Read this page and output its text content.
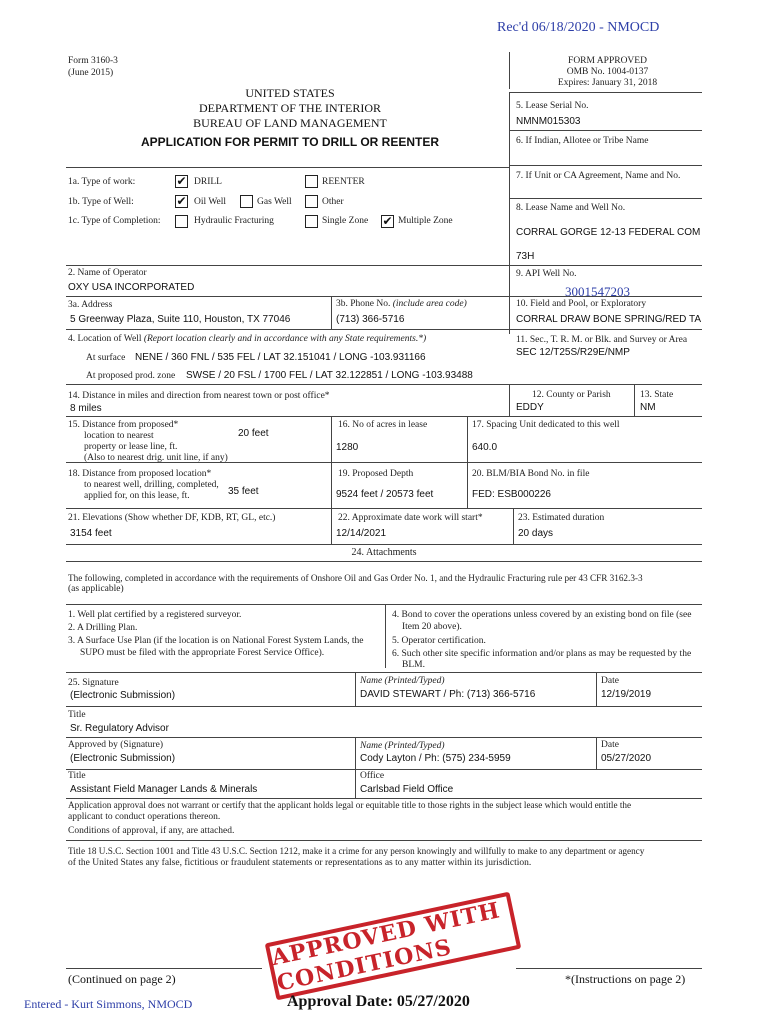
Rec'd 06/18/2020 - NMOCD
Form 3160-3
(June 2015)
FORM APPROVED
OMB No. 1004-0137
Expires: January 31, 2018
UNITED STATES
DEPARTMENT OF THE INTERIOR
BUREAU OF LAND MANAGEMENT
APPLICATION FOR PERMIT TO DRILL OR REENTER
5. Lease Serial No.
NMNM015303
6. If Indian, Allotee or Tribe Name
7. If Unit or CA Agreement, Name and No.
8. Lease Name and Well No.
CORRAL GORGE 12-13 FEDERAL COM
73H
9. API Well No.
3001547203
10. Field and Pool, or Exploratory
CORRAL DRAW BONE SPRING/RED TA
11. Sec., T. R. M. or Blk. and Survey or Area
SEC 12/T25S/R29E/NMP
1a. Type of work:	✔ DRILL	REENTER
1b. Type of Well:	✔ Oil Well	Gas Well	Other
1c. Type of Completion:	Hydraulic Fracturing	Single Zone ✔ Multiple Zone
2. Name of Operator
OXY USA INCORPORATED
3a. Address
5 Greenway Plaza, Suite 110, Houston, TX 77046
3b. Phone No. (include area code)
(713) 366-5716
4. Location of Well (Report location clearly and in accordance with any State requirements.*)
At surface NENE / 360 FNL / 535 FEL / LAT 32.151041 / LONG -103.931166
At proposed prod. zone SWSE / 20 FSL / 1700 FEL / LAT 32.122851 / LONG -103.93488
14. Distance in miles and direction from nearest town or post office*
8 miles
12. County or Parish
EDDY
13. State
NM
15. Distance from proposed*
location to nearest
property or lease line, ft.
(Also to nearest drig. unit line, if any)
20 feet
16. No of acres in lease
1280
17. Spacing Unit dedicated to this well
640.0
18. Distance from proposed location*
to nearest well, drilling, completed,
applied for, on this lease, ft.	35 feet
19. Proposed Depth
9524 feet / 20573 feet
20. BLM/BIA Bond No. in file
FED: ESB000226
21. Elevations (Show whether DF, KDB, RT, GL, etc.)
3154 feet
22. Approximate date work will start*
12/14/2021
23. Estimated duration
20 days
24. Attachments
The following, completed in accordance with the requirements of Onshore Oil and Gas Order No. 1, and the Hydraulic Fracturing rule per 43 CFR 3162.3-3
(as applicable)
1. Well plat certified by a registered surveyor.
2. A Drilling Plan.
3. A Surface Use Plan (if the location is on National Forest System Lands, the
SUPO must be filed with the appropriate Forest Service Office).
4. Bond to cover the operations unless covered by an existing bond on file (see
Item 20 above).
5. Operator certification.
6. Such other site specific information and/or plans as may be requested by the
BLM.
25. Signature
(Electronic Submission)
Name (Printed/Typed)
DAVID STEWART / Ph: (713) 366-5716
Date
12/19/2019
Title
Sr. Regulatory Advisor
Approved by (Signature)
(Electronic Submission)
Name (Printed/Typed)
Cody Layton / Ph: (575) 234-5959
Date
05/27/2020
Title
Assistant Field Manager Lands & Minerals
Office
Carlsbad Field Office
Application approval does not warrant or certify that the applicant holds legal or equitable title to those rights in the subject lease which would entitle the
applicant to conduct operations thereon.
Conditions of approval, if any, are attached.
Title 18 U.S.C. Section 1001 and Title 43 U.S.C. Section 1212, make it a crime for any person knowingly and willfully to make to any department or agency
of the United States any false, fictitious or fraudulent statements or representations as to any matter within its jurisdiction.
APPROVED WITH CONDITIONS
(Continued on page 2)	*(Instructions on page 2)
Entered - Kurt Simmons, NMOCD	Approval Date: 05/27/2020
